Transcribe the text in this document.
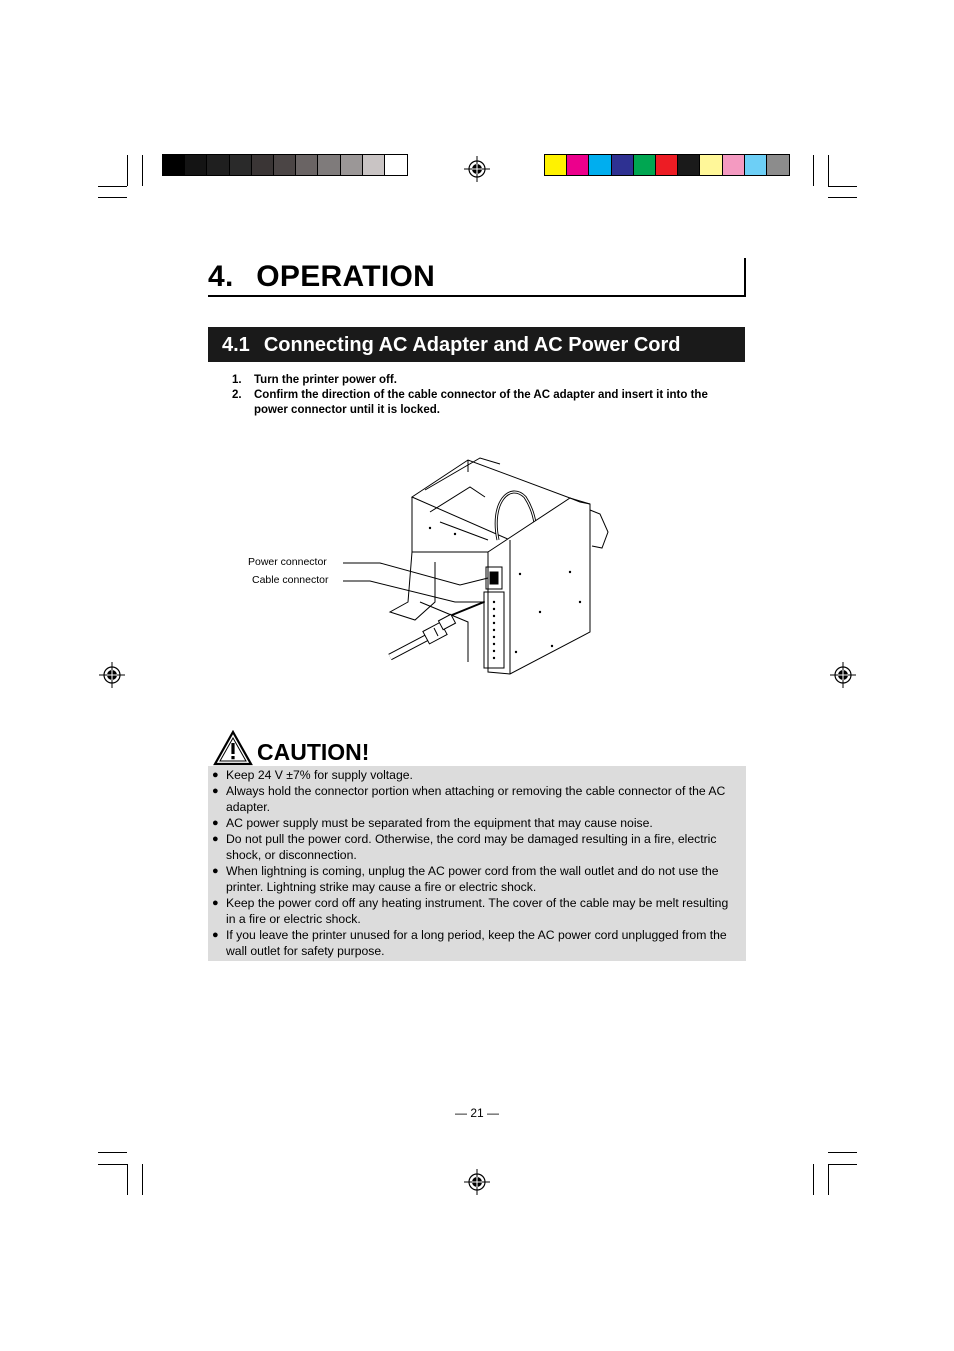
4. OPERATION
4.1 Connecting AC Adapter and AC Power Cord
1.	Turn the printer power off.
2.	Confirm the direction of the cable connector of the AC adapter and insert it into the power connector until it is locked.
Power connector
Cable connector
CAUTION!
● Keep 24 V ±7% for supply voltage.
● Always hold the connector portion when attaching or removing the cable connector of the AC adapter.
● AC power supply must be separated from the equipment that may cause noise.
● Do not pull the power cord. Otherwise, the cord may be damaged resulting in a fire, electric shock, or disconnection.
● When lightning is coming, unplug the AC power cord from the wall outlet and do not use the printer. Lightning strike may cause a fire or electric shock.
● Keep the power cord off any heating instrument. The cover of the cable may be melt resulting in a fire or electric shock.
● If you leave the printer unused for a long period, keep the AC power cord unplugged from the wall outlet for safety purpose.
— 21 —
